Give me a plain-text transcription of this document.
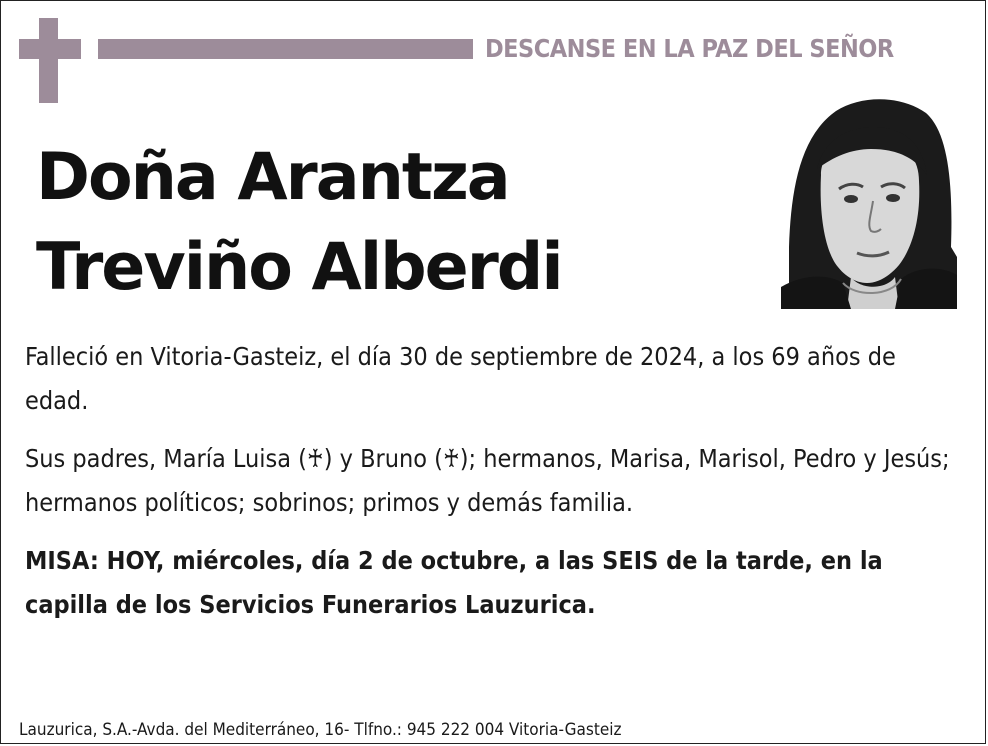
DESCANSE EN LA PAZ DEL SEÑOR
Doña Arantza
Treviño Alberdi

Falleció en Vitoria-Gasteiz, el día 30 de septiembre de 2024, a los 69 años de edad.

Sus padres, María Luisa (♰) y Bruno (♰); hermanos, Marisa, Marisol, Pedro y Jesús; hermanos políticos; sobrinos; primos y demás familia.

MISA: HOY, miércoles, día 2 de octubre, a las SEIS de la tarde, en la capilla de los Servicios Funerarios Lauzurica.

Lauzurica, S.A.-Avda. del Mediterráneo, 16- Tlfno.: 945 222 004 Vitoria-Gasteiz
